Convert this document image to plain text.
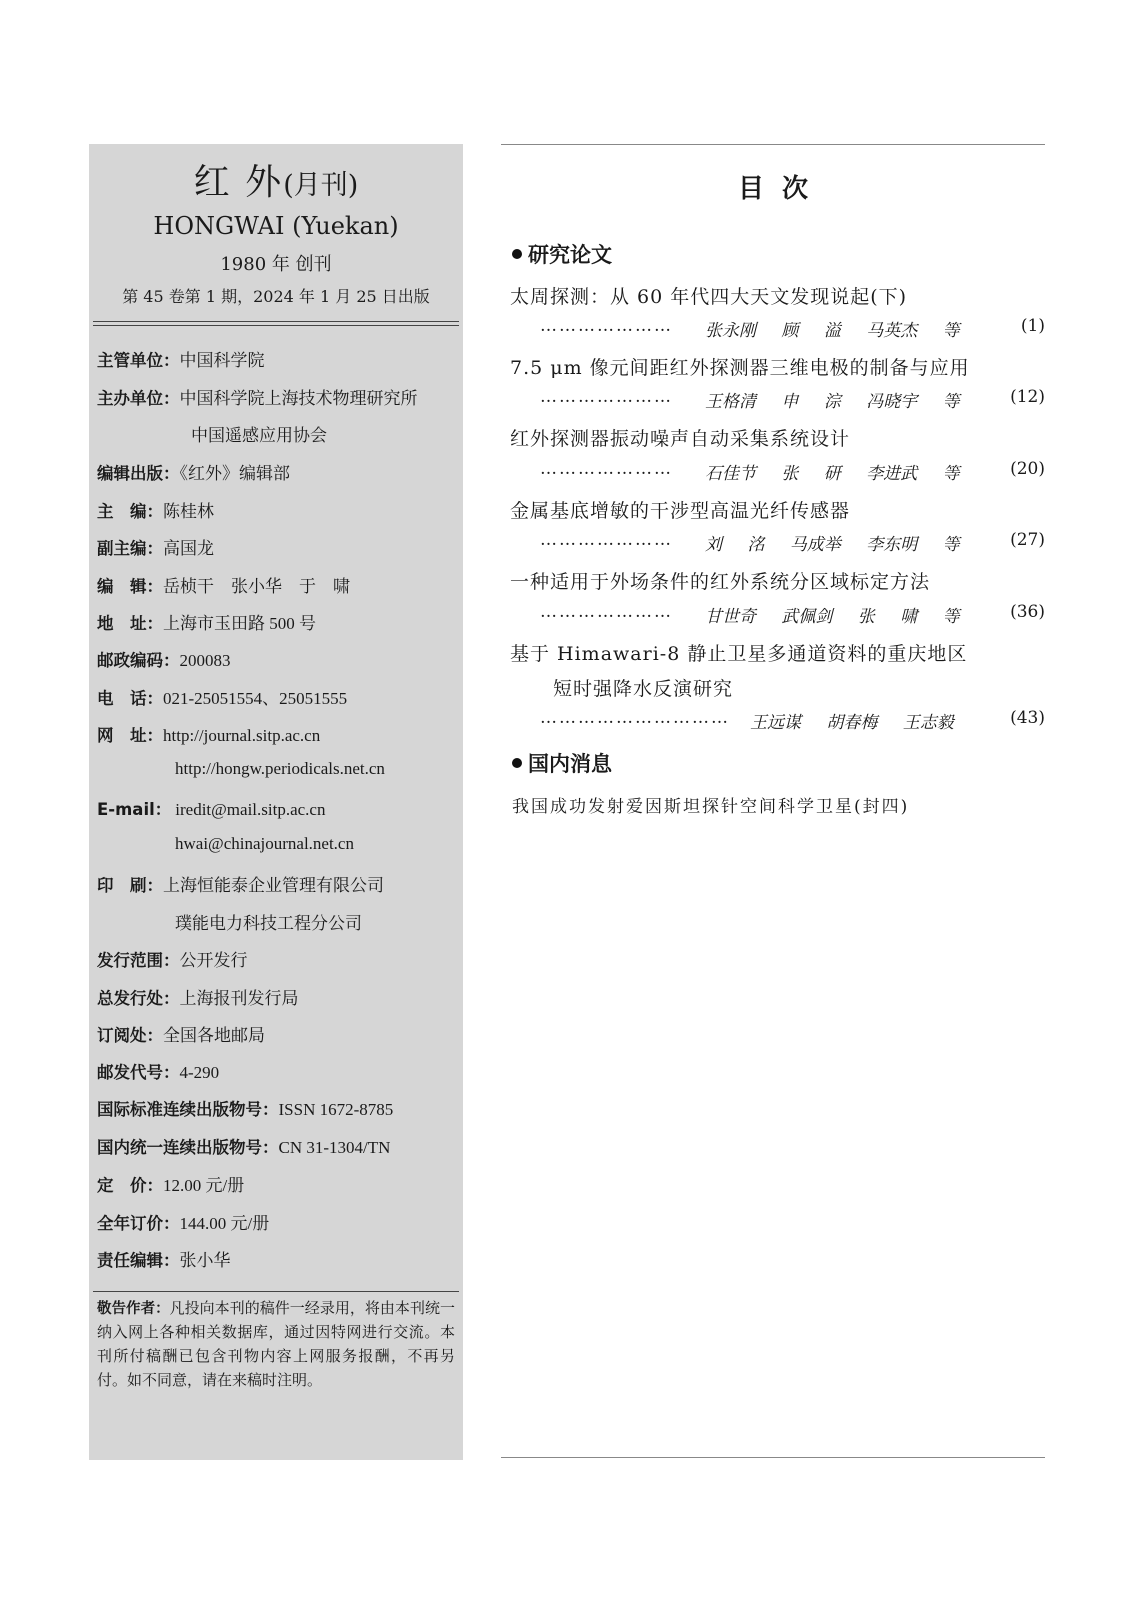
红 外(月刊)
HONGWAI (Yuekan)
1980 年 创刊
第 45 卷第 1 期，2024 年 1 月 25 日出版
主管单位：中国科学院
主办单位：中国科学院上海技术物理研究所
中国遥感应用协会
编辑出版：《红外》编辑部
主　编：陈桂林
副主编：高国龙
编　辑：岳桢干　张小华　于　啸
地　址：上海市玉田路 500 号
邮政编码：200083
电　话：021-25051554、25051555
网　址：http://journal.sitp.ac.cn
http://hongw.periodicals.net.cn
E-mail： iredit@mail.sitp.ac.cn
hwai@chinajournal.net.cn
印　刷：上海恒能泰企业管理有限公司
璞能电力科技工程分公司
发行范围：公开发行
总发行处：上海报刊发行局
订阅处：全国各地邮局
邮发代号：4-290
国际标准连续出版物号：ISSN 1672-8785
国内统一连续出版物号：CN 31-1304/TN
定　价：12.00 元/册
全年订价：144.00 元/册
责任编辑：张小华
敬告作者：凡投向本刊的稿件一经录用，将由本刊统一纳入网上各种相关数据库，通过因特网进行交流。本刊所付稿酬已包含刊物内容上网服务报酬，不再另付。如不同意，请在来稿时注明。
目次
研究论文
太周探测：从 60 年代四大天文发现说起(下)
………………… 张永刚 顾 溢 马英杰 等	(1)
7.5 μm 像元间距红外探测器三维电极的制备与应用
………………… 王格清 申 淙 冯晓宇 等	(12)
红外探测器振动噪声自动采集系统设计
………………… 石佳节 张 研 李进武 等	(20)
金属基底增敏的干涉型高温光纤传感器
………………… 刘 洺 马成举 李东明 等	(27)
一种适用于外场条件的红外系统分区域标定方法
………………… 甘世奇 武佩剑 张 啸 等	(36)
基于 Himawari-8 静止卫星多通道资料的重庆地区
短时强降水反演研究
………………………… 王远谋 胡春梅 王志毅	(43)
国内消息
我国成功发射爱因斯坦探针空间科学卫星(封四)
